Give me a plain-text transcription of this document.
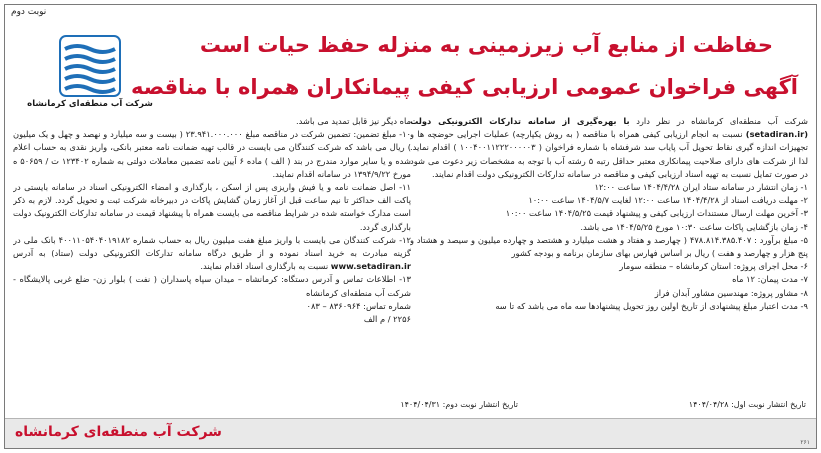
نوبت دوم
شرکت آب منطقه‌ای کرمانشاه
حفاظت از منابع آب زیرزمینی به منزله حفظ حیات است
آگهی فراخوان عمومی ارزیابی کیفی پیمانکاران همراه با مناقصه

شرکت آب منطقه‌ای کرمانشاه در نظر دارد با بهره‌گیری از سامانه تدارکات الکترونیکی دولت (setadiran.ir) نسبت به انجام ارزیابی کیفی همراه با مناقصه ( به روش یکپارچه) عملیات اجرایی حوضچه ها و تجهیزات اندازه گیری نقاط تحویل آب پایاب سد شرفشاه با شماره فراخوان ( ۱۰۰۴۰۰۱۱۲۲۲۰۰۰۰۰۳ ) اقدام نماید. لذا از شرکت های دارای صلاحیت پیمانکاری معتبر حداقل رتبه ۵ رشته آب با توجه به مشخصات زیر دعوت می شود در صورت تمایل نسبت به تهیه اسناد ارزیابی کیفی و مناقصه در سامانه تدارکات الکترونیکی دولت اقدام نمایند.

۱- زمان انتشار در سامانه ستاد ایران ۱۴۰۴/۴/۲۸ ساعت ۱۲:۰۰

۲- مهلت دریافت اسناد از ۱۴۰۴/۴/۲۸ ساعت ۱۲:۰۰ لغایت ۱۴۰۴/۵/۷ ساعت ۱۰:۰۰

۳- آخرین مهلت ارسال مستندات ارزیابی کیفی و پیشنهاد قیمت ۱۴۰۴/۵/۲۵ ساعت ۱۰:۰۰

۴- زمان بازگشایی پاکات ساعت ۱۰:۳۰ مورخ ۱۴۰۴/۵/۲۵ می باشد.

۵- مبلغ برآورد : ۴۷۸.۸۱۴.۳۸۵.۴۰۷ ( چهارصد و هفتاد و هشت میلیارد و هشتصد و چهارده میلیون و سیصد و هشتاد و پنج هزار و چهارصد و هفت ) ریال بر اساس فهارس بهای سازمان برنامه و بودجه کشور

۶- محل اجرای پروژه: استان کرمانشاه – منطقه سومار

۷- مدت پیمان: ۱۲ ماه

۸- مشاور پروژه: مهندسین مشاور آبدان فراز

۹- مدت اعتبار مبلغ پیشنهادی از تاریخ اولین روز تحویل پیشنهادها سه ماه می باشد که تا سه

ماه دیگر نیز قابل تمدید می باشد.

۱۰- مبلغ تضمین: تضمین شرکت در مناقصه مبلغ ۲۳.۹۴۱.۰۰۰.۰۰۰ ( بیست و سه میلیارد و نهصد و چهل و یک میلیون ) ریال می باشد که شرکت کنندگان می بایست در قالب تهیه ضمانت نامه معتبر بانکی، واریز نقدی به حساب اعلام شده و یا سایر موارد مندرج در بند ( الف ) ماده ۶ آیین نامه تضمین معاملات دولتی به شماره ۱۲۳۴۰۲ ت / ۵۰۶۵۹ ه مورخ ۱۳۹۴/۹/۲۲ در سامانه اقدام نمایند.

۱۱- اصل ضمانت نامه و یا فیش واریزی پس از اسکن ، بارگذاری و امضاء الکترونیکی اسناد در سامانه بایستی در پاکت الف حداکثر تا نیم ساعت قبل از آغاز زمان گشایش پاکات در دبیرخانه شرکت ثبت و تحویل گردد. لازم به ذکر است مدارک خواسته شده در شرایط مناقصه می بایست همراه با پیشنهاد قیمت در سامانه تدارکات الکترونیک دولت بارگذاری گردد.

۱۲- شرکت کنندگان می بایست با واریز مبلغ هفت میلیون ریال به حساب شماره ۴۰۰۱۱۰۵۴۰۴۰۱۹۱۸۲ بانک ملی در گزینه مبادرت به خرید اسناد نموده و از طریق درگاه سامانه تدارکات الکترونیکی دولت (ستاد) به آدرس www.setadiran.ir نسبت به بارگذاری اسناد اقدام نمایند.

۱۳- اطلاعات تماس و آدرس دستگاه: کرمانشاه – میدان سپاه پاسداران ( نفت ) بلوار زن- ضلع غربی پالایشگاه - شرکت آب منطقه‌ای کرمانشاه

شماره تماس: ۸۳۶۰۹۶۴ – ۰۸۳

۲۲۵۶ / م الف

تاریخ انتشار نوبت اول: ۱۴۰۴/۰۴/۲۸
تاریخ انتشار نوبت دوم: ۱۴۰۴/۰۴/۳۱
شرکت آب منطقه‌ای کرمانشاه
۲۶۱
